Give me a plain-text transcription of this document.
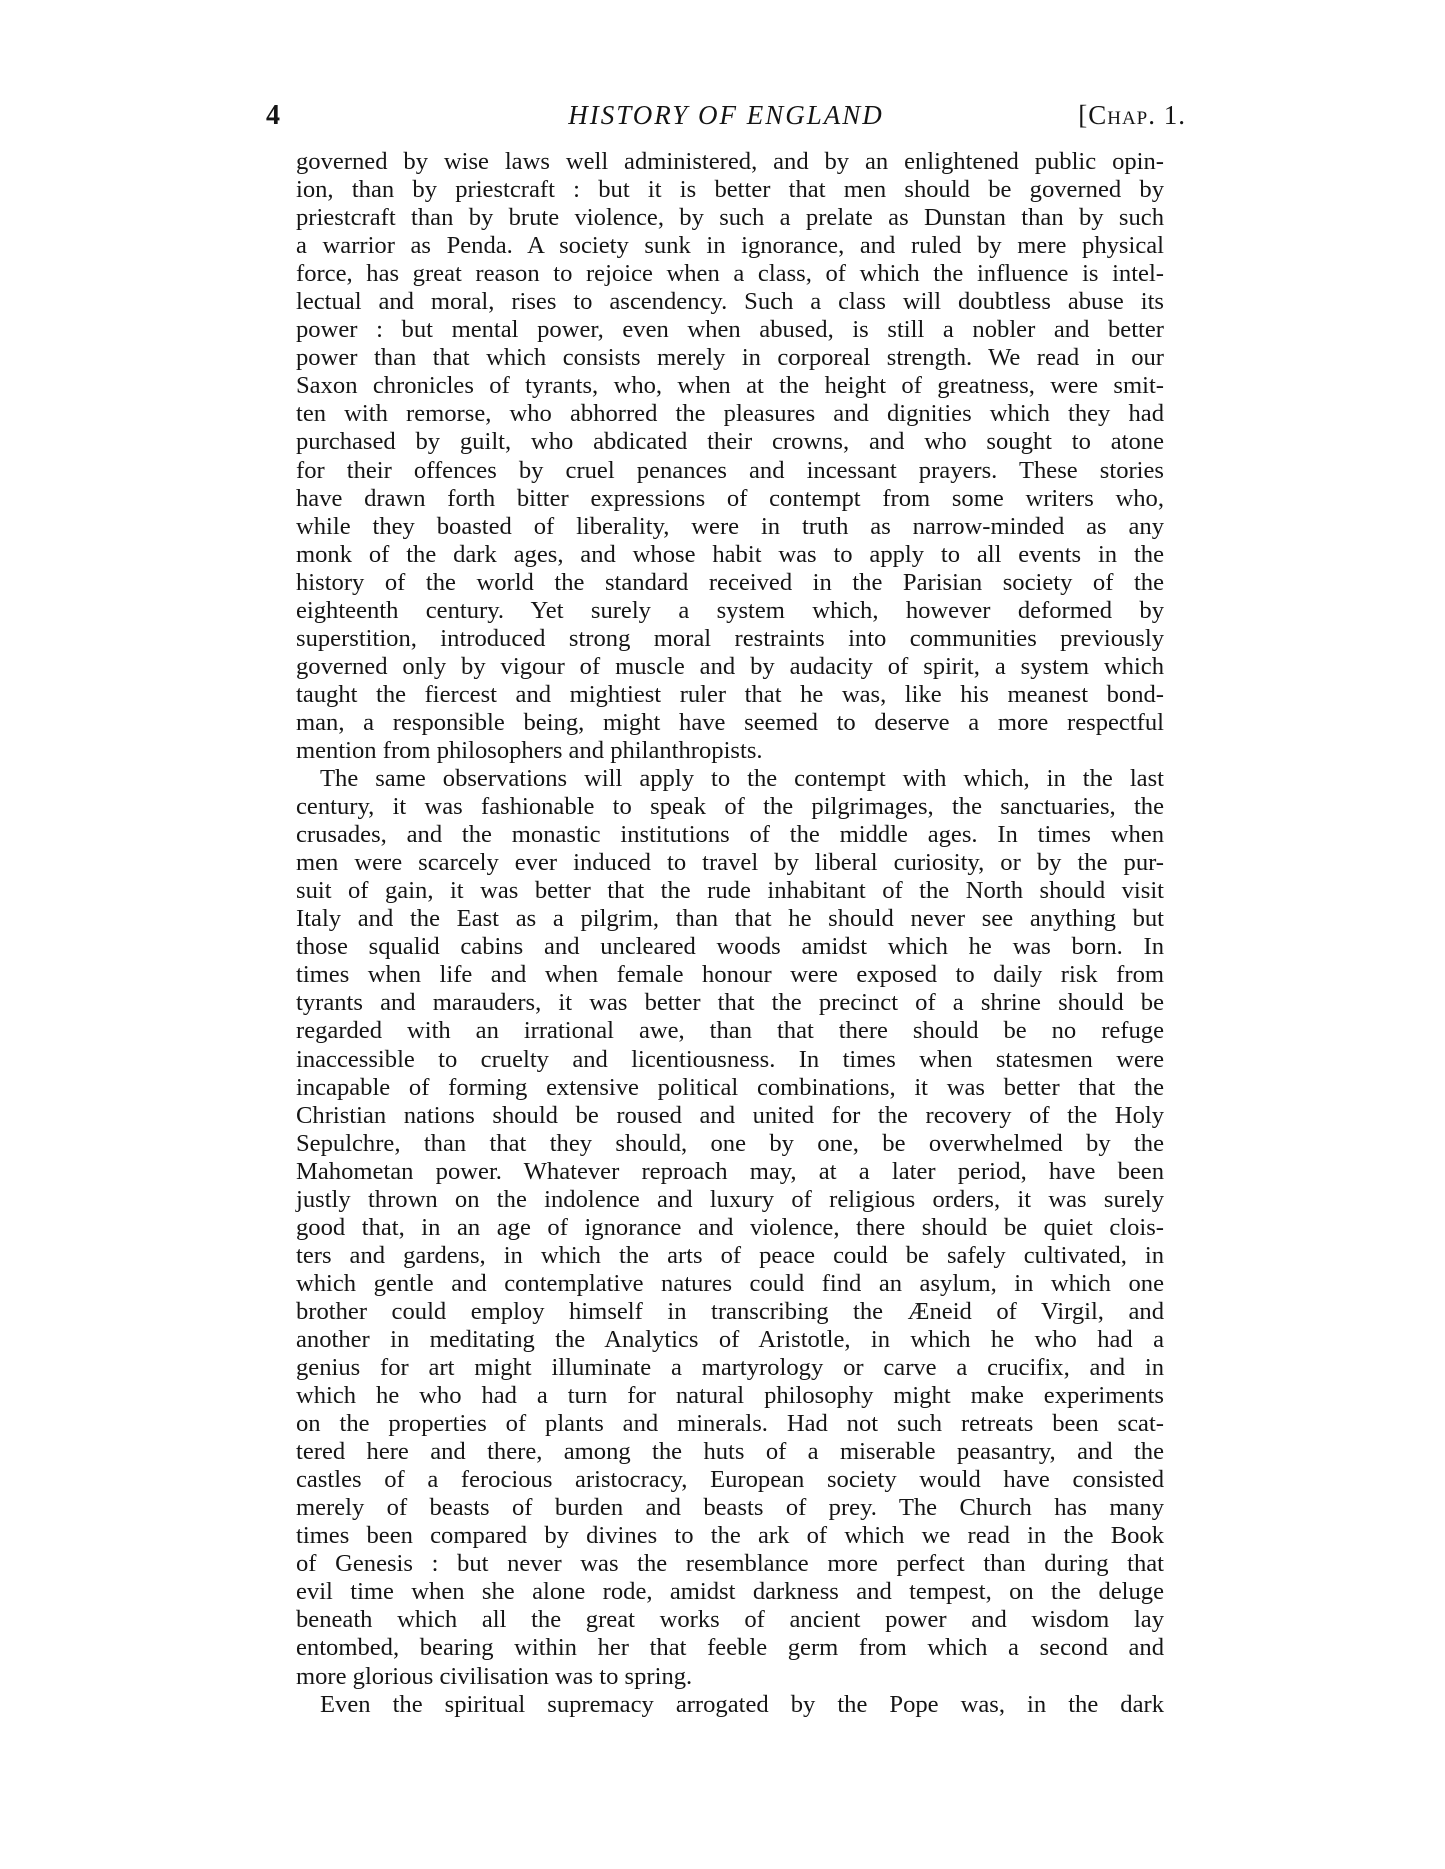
4	HISTORY OF ENGLAND	[Chap. 1.
governed by wise laws well administered, and by an enlightened public opin-
ion, than by priestcraft : but it is better that men should be governed by
priestcraft than by brute violence, by such a prelate as Dunstan than by such
a warrior as Penda. A society sunk in ignorance, and ruled by mere physical
force, has great reason to rejoice when a class, of which the influence is intel-
lectual and moral, rises to ascendency. Such a class will doubtless abuse its
power : but mental power, even when abused, is still a nobler and better
power than that which consists merely in corporeal strength. We read in our
Saxon chronicles of tyrants, who, when at the height of greatness, were smit-
ten with remorse, who abhorred the pleasures and dignities which they had
purchased by guilt, who abdicated their crowns, and who sought to atone
for their offences by cruel penances and incessant prayers. These stories
have drawn forth bitter expressions of contempt from some writers who,
while they boasted of liberality, were in truth as narrow-minded as any
monk of the dark ages, and whose habit was to apply to all events in the
history of the world the standard received in the Parisian society of the
eighteenth century. Yet surely a system which, however deformed by
superstition, introduced strong moral restraints into communities previously
governed only by vigour of muscle and by audacity of spirit, a system which
taught the fiercest and mightiest ruler that he was, like his meanest bond-
man, a responsible being, might have seemed to deserve a more respectful
mention from philosophers and philanthropists.
The same observations will apply to the contempt with which, in the last
century, it was fashionable to speak of the pilgrimages, the sanctuaries, the
crusades, and the monastic institutions of the middle ages. In times when
men were scarcely ever induced to travel by liberal curiosity, or by the pur-
suit of gain, it was better that the rude inhabitant of the North should visit
Italy and the East as a pilgrim, than that he should never see anything but
those squalid cabins and uncleared woods amidst which he was born. In
times when life and when female honour were exposed to daily risk from
tyrants and marauders, it was better that the precinct of a shrine should be
regarded with an irrational awe, than that there should be no refuge
inaccessible to cruelty and licentiousness. In times when statesmen were
incapable of forming extensive political combinations, it was better that the
Christian nations should be roused and united for the recovery of the Holy
Sepulchre, than that they should, one by one, be overwhelmed by the
Mahometan power. Whatever reproach may, at a later period, have been
justly thrown on the indolence and luxury of religious orders, it was surely
good that, in an age of ignorance and violence, there should be quiet clois-
ters and gardens, in which the arts of peace could be safely cultivated, in
which gentle and contemplative natures could find an asylum, in which one
brother could employ himself in transcribing the Æneid of Virgil, and
another in meditating the Analytics of Aristotle, in which he who had a
genius for art might illuminate a martyrology or carve a crucifix, and in
which he who had a turn for natural philosophy might make experiments
on the properties of plants and minerals. Had not such retreats been scat-
tered here and there, among the huts of a miserable peasantry, and the
castles of a ferocious aristocracy, European society would have consisted
merely of beasts of burden and beasts of prey. The Church has many
times been compared by divines to the ark of which we read in the Book
of Genesis : but never was the resemblance more perfect than during that
evil time when she alone rode, amidst darkness and tempest, on the deluge
beneath which all the great works of ancient power and wisdom lay
entombed, bearing within her that feeble germ from which a second and
more glorious civilisation was to spring.
Even the spiritual supremacy arrogated by the Pope was, in the dark
